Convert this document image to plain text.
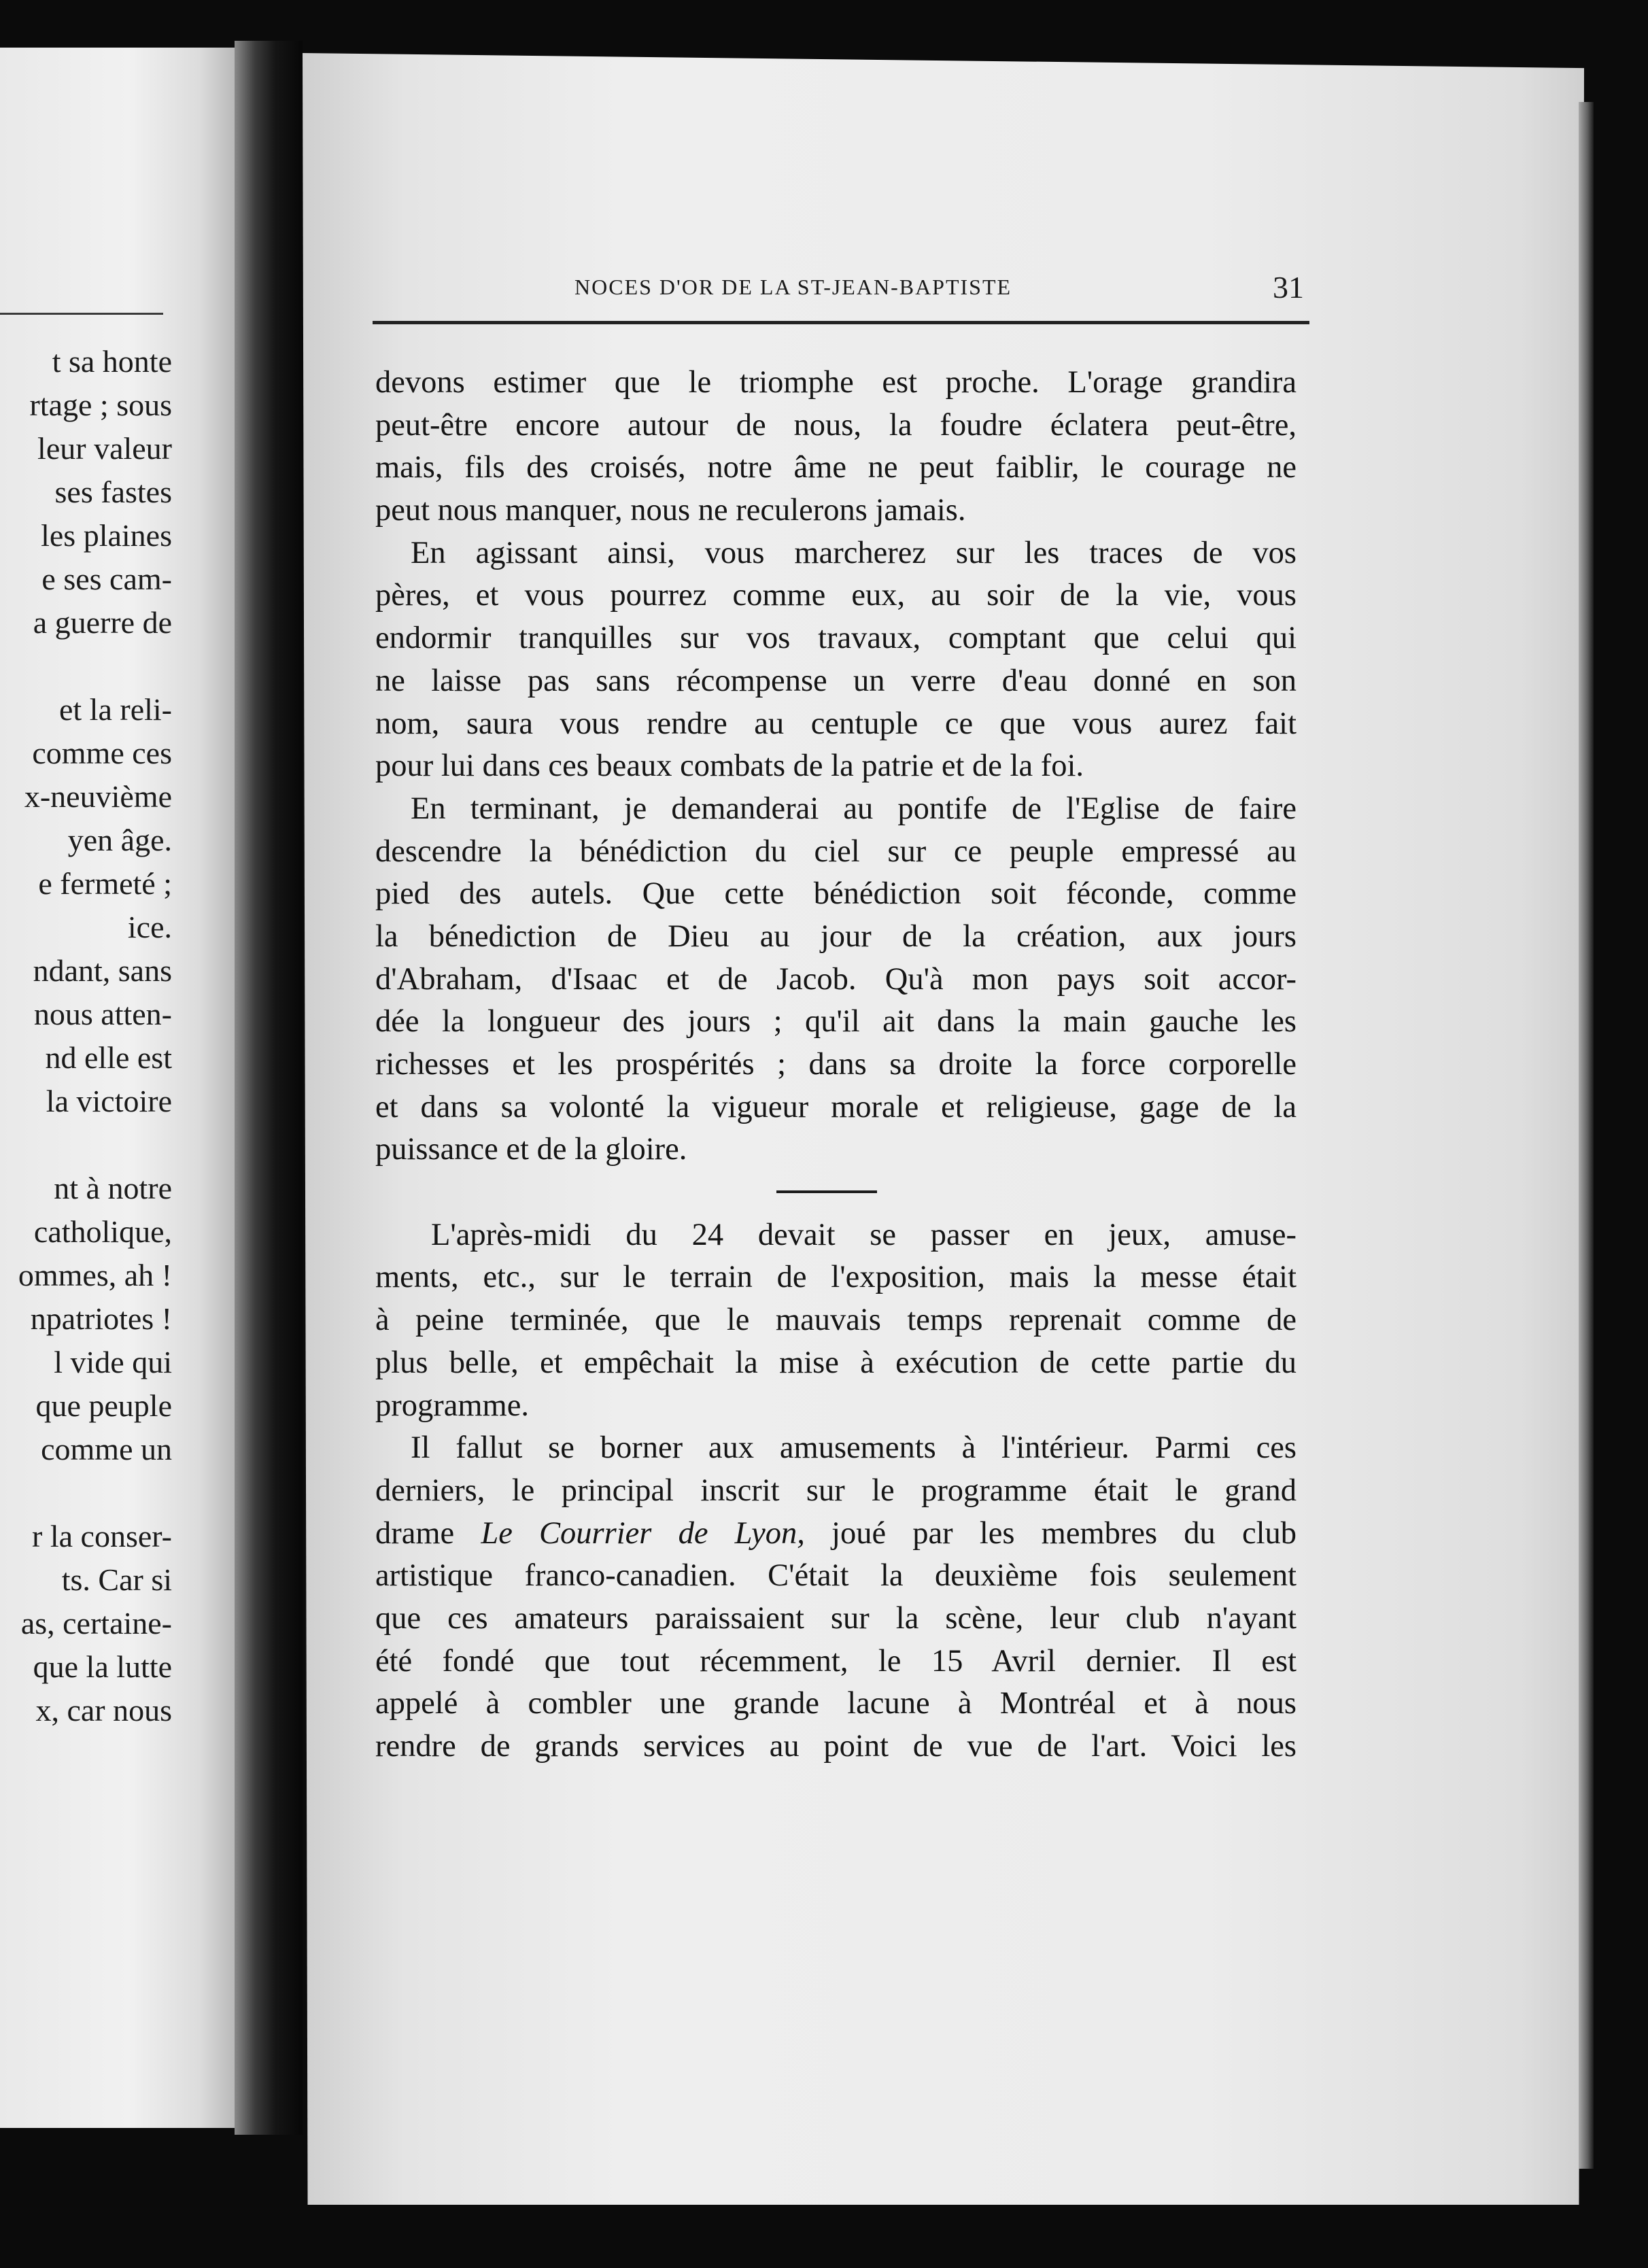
t sa honte
rtage ; sous
leur valeur
ses fastes
les plaines
e ses cam-
a guerre de
et la reli-
comme ces
x-neuvième
yen âge.
e fermeté ;
ice.
ndant, sans
nous atten-
nd elle est
la victoire
nt à notre
catholique,
ommes, ah !
npatriotes !
l vide qui
que peuple
comme un
r la conser-
ts. Car si
as, certaine-
que la lutte
x, car nous
NOCES D'OR DE LA ST-JEAN-BAPTISTE	31
devons estimer que le triomphe est proche. L'orage grandira
peut-être encore autour de nous, la foudre éclatera peut-être,
mais, fils des croisés, notre âme ne peut faiblir, le courage ne
peut nous manquer, nous ne reculerons jamais.
En agissant ainsi, vous marcherez sur les traces de vos
pères, et vous pourrez comme eux, au soir de la vie, vous
endormir tranquilles sur vos travaux, comptant que celui qui
ne laisse pas sans récompense un verre d'eau donné en son
nom, saura vous rendre au centuple ce que vous aurez fait
pour lui dans ces beaux combats de la patrie et de la foi.
En terminant, je demanderai au pontife de l'Eglise de faire
descendre la bénédiction du ciel sur ce peuple empressé au
pied des autels. Que cette bénédiction soit féconde, comme
la bénediction de Dieu au jour de la création, aux jours
d'Abraham, d'Isaac et de Jacob. Qu'à mon pays soit accor-
dée la longueur des jours ; qu'il ait dans la main gauche les
richesses et les prospérités ; dans sa droite la force corporelle
et dans sa volonté la vigueur morale et religieuse, gage de la
puissance et de la gloire.
L'après-midi du 24 devait se passer en jeux, amuse-
ments, etc., sur le terrain de l'exposition, mais la messe était
à peine terminée, que le mauvais temps reprenait comme de
plus belle, et empêchait la mise à exécution de cette partie du
programme.
Il fallut se borner aux amusements à l'intérieur. Parmi ces
derniers, le principal inscrit sur le programme était le grand
drame Le Courrier de Lyon, joué par les membres du club
artistique franco-canadien. C'était la deuxième fois seulement
que ces amateurs paraissaient sur la scène, leur club n'ayant
été fondé que tout récemment, le 15 Avril dernier. Il est
appelé à combler une grande lacune à Montréal et à nous
rendre de grands services au point de vue de l'art. Voici les
